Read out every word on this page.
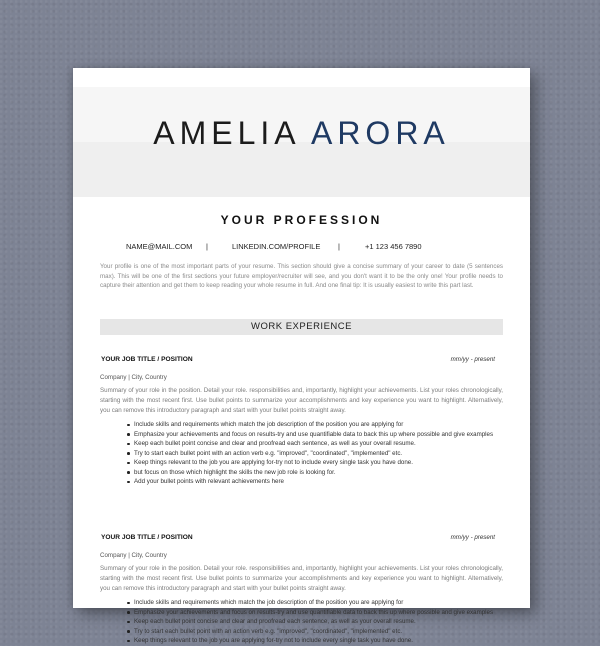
AMELIA ARORA
YOUR PROFESSION
NAME@MAIL.COM |	LINKEDIN.COM/PROFILE |	+1 123 456 7890
Your profile is one of the most important parts of your resume. This section should give a concise summary of your career to date (5 sentences max). This will be one of the first sections your future employer/recruiter will see, and you don't want it to be the only one! Your profile needs to capture their attention and get them to keep reading your whole resume in full. And one final tip: It is usually easiest to write this part last.
WORK EXPERIENCE
YOUR JOB TITLE / POSITION	mm/yy - present
Company | City, Country
Summary of your role in the position. Detail your role. responsibilities and, importantly, highlight your achievements. List your roles chronologically, starting with the most recent first. Use bullet points to summarize your accomplishments and key experience you want to highlight. Alternatively, you can remove this introductory paragraph and start with your bullet points straight away.
Include skills and requirements which match the job description of the position you are applying for
Emphasize your achievements and focus on results-try and use quantifiable data to back this up where possible and give examples
Keep each bullet point concise and clear and proofread each sentence, as well as your overall resume.
Try to start each bullet point with an action verb e.g. "improved", "coordinated", "implemented" etc.
Keep things relevant to the job you are applying for-try not to include every single task you have done.
but focus on those which highlight the skills the new job role is looking for.
Add your bullet points with relevant achievements here
YOUR JOB TITLE / POSITION	mm/yy - present
Company | City, Country
Summary of your role in the position. Detail your role. responsibilities and, importantly, highlight your achievements. List your roles chronologically, starting with the most recent first. Use bullet points to summarize your accomplishments and key experience you want to highlight. Alternatively, you can remove this introductory paragraph and start with your bullet points straight away.
Include skills and requirements which match the job description of the position you are applying for
Emphasize your achievements and focus on results-try and use quantifiable data to back this up where possible and give examples
Keep each bullet point concise and clear and proofread each sentence, as well as your overall resume.
Try to start each bullet point with an action verb e.g. "improved", "coordinated", "implemented" etc.
Keep things relevant to the job you are applying for-try not to include every single task you have done.
